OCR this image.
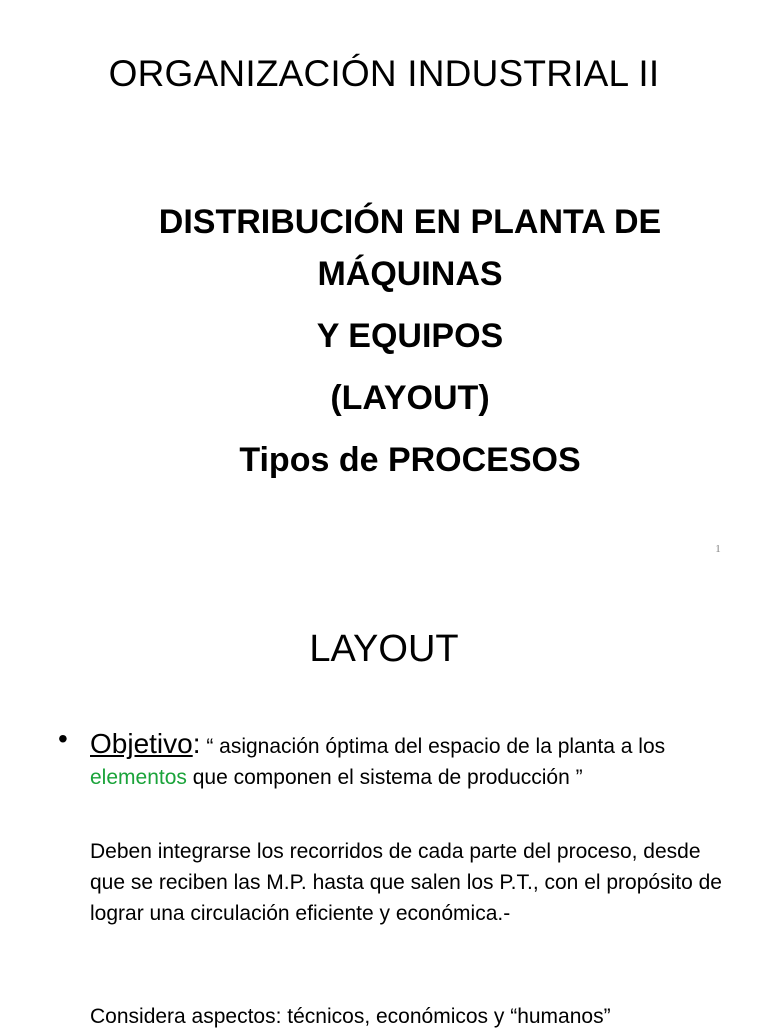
ORGANIZACIÓN INDUSTRIAL II
DISTRIBUCIÓN EN PLANTA DE
MÁQUINAS
Y EQUIPOS
(LAYOUT)
Tipos de PROCESOS
1
LAYOUT
• Objetivo: “ asignación óptima del espacio de la planta a los elementos que componen el sistema de producción ”
Deben integrarse los recorridos de cada parte del proceso, desde que se reciben las M.P. hasta que salen los P.T., con el propósito de lograr una circulación eficiente y económica.-
Considera aspectos: técnicos, económicos y “humanos”
